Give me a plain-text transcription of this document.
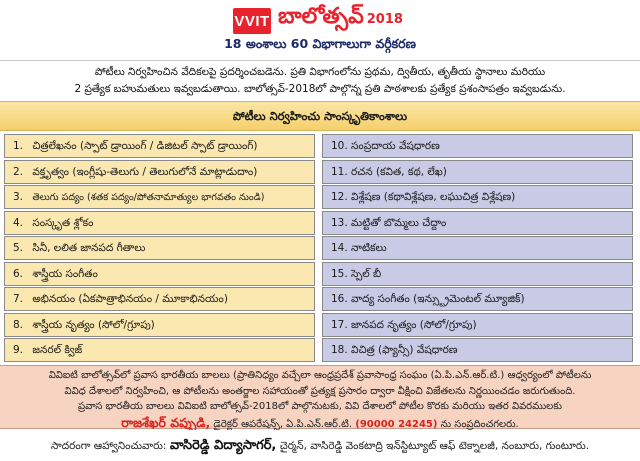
VVIT బాలోత్సవ్ 2018
18 అంశాలు 60 విభాగాలుగా వర్గీకరణ
పోటీలు నిర్వహించిన వేదికలపై ప్రదర్శించబడెను. ప్రతి విభాగంలోను ప్రథమ, ద్వితీయ, తృతీయ స్థానాలు మరియు
2 ప్రత్యేక బహుమతులు ఇవ్వబడుతాయి. బాలోత్సవ్-2018లో పాల్గొన్న ప్రతి పాఠశాలకు ప్రత్యేక ప్రశంసాపత్రం ఇవ్వబడును.
పోటీలు నిర్వహించు సాంస్కృతికాంశాలు
1. చిత్రలేఖనం (స్పాట్ డ్రాయింగ్ / డిజిటల్ స్పాట్ డ్రాయింగ్)
2. వక్తృత్వం (ఇంగ్లీషు-తెలుగు / తెలుగులోనే మాట్లాడుదాం)
3. తెలుగు పద్యం (శతక పద్యం/పోతనామాత్యుల భాగవతం నుండి)
4. సంస్కృత శ్లోకం
5. సినీ, లలిత జానపద గీతాలు
6. శాస్త్రీయ సంగీతం
7. అభినయం (ఏకపాత్రాభినయం / మూకాభినయం)
8. శాస్త్రీయ నృత్యం (సోలో/గ్రూపు)
9. జనరల్ క్విజ్
10. సంప్రదాయ వేషధారణ
11. రచన (కవిత, కథ, లేఖ)
12. విశ్లేషణ (కథావిశ్లేషణ, లఘుచిత్ర విశ్లేషణ)
13. మట్టితో బొమ్మలు చేద్దాం
14. నాటికలు
15. స్పెల్ బీ
16. వాద్య సంగీతం (ఇన్స్ట్రుమెంటల్ మ్యూజిక్)
17. జానపద నృత్యం (సోలో/గ్రూపు)
18. విచిత్ర (ఫ్యాన్సీ) వేషధారణ
వివిఐటి బాలోత్సవ్‌లో ప్రవాస భారతీయ బాలలు (ప్రాతినిధ్యం వచ్చేలా ఆంధ్రప్రదేశ్ ప్రవాసాంధ్ర సంఘం (ఏ.పి.ఎన్.ఆర్.టి.) ఆధ్వర్యంలో పోటీలను
వివిధ దేశాలలో నిర్వహించి, ఆ పోటీలను అంతర్జాల సహాయంతో ప్రత్యక్ష ప్రసారం ద్వారా వీక్షించి విజేతలను నిర్ణయించడం జరుగుతుంది.
ప్రవాస భారతీయ బాలలు వివిఐటి బాలోత్సవ్-2018లో పాల్గొనుటకు, వివి దేశాలలో పోటీల కొరకు మరియు ఇతర వివరములకు
రాజశేఖర్ వప్పుడి, డైరెక్టర్ ఆపరేషన్స్, ఏ.పి.ఎన్.ఆర్.టి. (90000 24245) ను సంప్రదించగలరు.
సాదరంగా ఆహ్వానించువారు: వాసిరెడ్డి విద్యాసాగర్, చైర్మన్, వాసిరెడ్డి వెంకటాద్రి ఇన్‌స్టిట్యూట్ ఆఫ్ టెక్నాలజీ, నంబూరు, గుంటూరు.
